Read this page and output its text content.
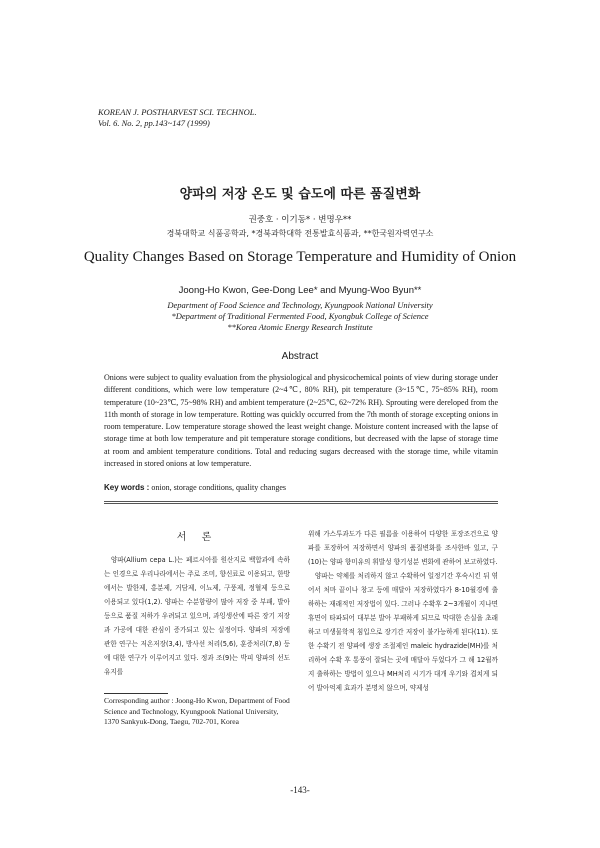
KOREAN J. POSTHARVEST SCI. TECHNOL.
Vol. 6. No. 2, pp.143~147 (1999)
양파의 저장 온도 및 습도에 따른 품질변화
권중호 · 이기동* · 변명우**
경북대학교 식품공학과, *경북과학대학 전통발효식품과, **한국원자력연구소
Quality Changes Based on Storage Temperature and Humidity of Onion
Joong-Ho Kwon, Gee-Dong Lee* and Myung-Woo Byun**
Department of Food Science and Technology, Kyungpook National University
*Department of Traditional Fermented Food, Kyongbuk College of Science
**Korea Atomic Energy Research Institute
Abstract
Onions were subject to quality evaluation from the physiological and physicochemical points of view during storage under different conditions, which were low temperature (2~4℃, 80% RH), pit temperature (3~15℃, 75~85% RH), room temperature (10~23℃, 75~98% RH) and ambient temperature (2~25℃, 62~72% RH). Sprouting were dereloped from the 11th month of storage in low temperature. Rotting was quickly occurred from the 7th month of storage excepting onions in room temperature. Low temperature storage showed the least weight change. Moisture content increased with the lapse of storage time at both low temperature and pit temperature storage conditions, but decreased with the lapse of storage time at room and ambient temperature conditions. Total and reducing sugars decreased with the storage time, while vitamin increased in stored onions at low temperature.
Key words : onion, storage conditions, quality changes
서 론

양파(Allium cepa L.)는 페르시아를 원산지로 백합과에 속하는 인경으로 우리나라에서는 주로 조미, 향신료로 이용되고, 한방에서는 발한제, 홍분제, 거담제, 이뇨제, 구풍제, 정혈제 등으로 이용되고 있다(1,2). 양파는 수분함량이 많아 저장 중 부패, 발아 등으로 품질 저하가 우려되고 있으며, 과잉생산에 따른 장기 저장과 가공에 대한 관심이 증가되고 있는 실정이다. 양파의 저장에 관한 연구는 저온저장(3,4), 방사선 처리(5,6), 훈증처리(7,8) 등에 대한 연구가 이루어지고 있다. 정과 조(9)는 박피 양파의 선도유지를

위해 가스투과도가 다른 필름을 이용하여 다양한 포장조건으로 양파를 포장하여 저장하면서 양파의 품질변화를 조사한바 있고, 구(10)는 양파 향미유의 휘발성 향기성분 변화에 관하여 보고하였다.

양파는 약체를 처리하지 않고 수확하여 일정기간 후숙시킨 뒤 엮어서 처마 끝이나 창고 등에 매달아 저장하였다가 8-10월경에 출하하는 재래적인 저장법이 있다. 그러나 수확후 2~3개월이 지나면 휴면이 타파되어 대부분 발아 부패하게 되므로 막대한 손실을 초래하고 미생물학적 침입으로 장기간 저장이 불가능하게 된다(11). 또한 수확기 전 양파에 생장 조절제인 maleic hydrazide(MH)를 처리하여 수확 후 통풍이 잘되는 곳에 매달아 두었다가 그 해 12월까지 출하하는 방법이 있으나 MH처리 시기가 대개 우기와 겹치게 되어 발아억제 효과가 분명치 않으며, 약제성

Corresponding author : Joong-Ho Kwon, Department of Food Science and Technology, Kyungpook National University, 1370 Sankyuk-Dong, Taegu, 702-701, Korea
-143-
